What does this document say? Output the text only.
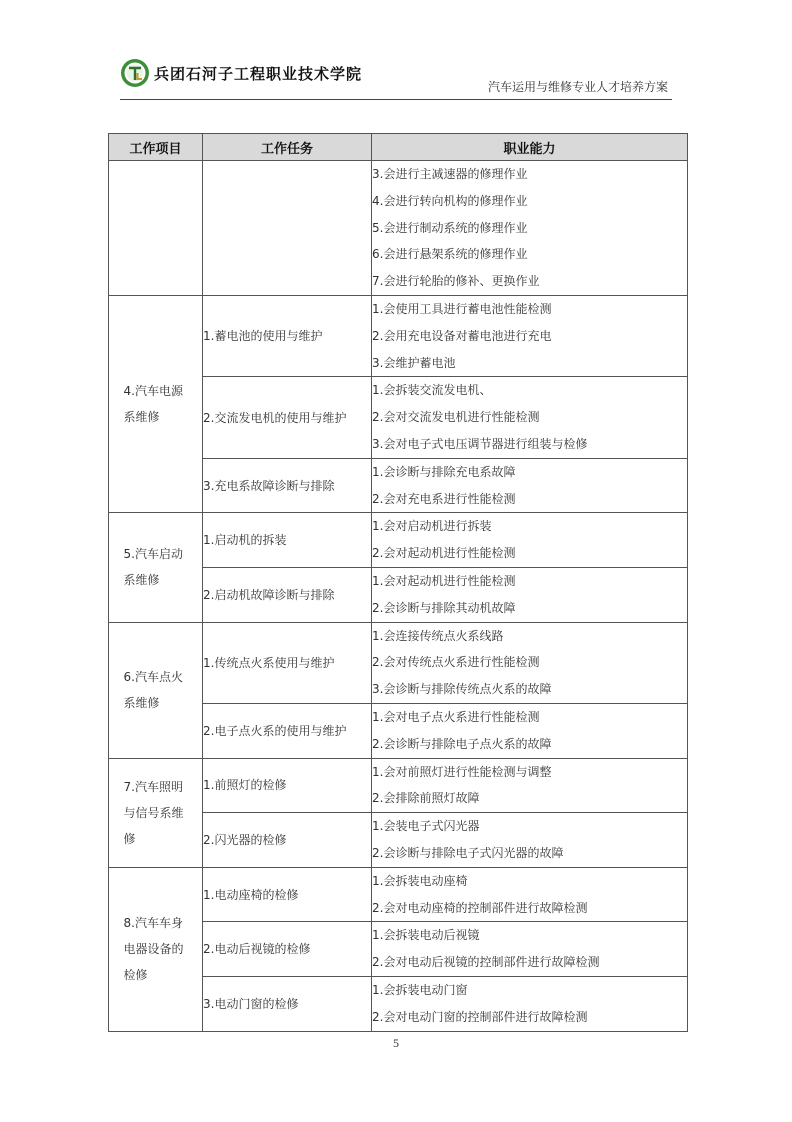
兵团石河子工程职业技术学院
汽车运用与维修专业人才培养方案
工作项目	工作任务	职业能力

		3.会进行主减速器的修理作业
4.会进行转向机构的修理作业
5.会进行制动系统的修理作业
6.会进行悬架系统的修理作业
7.会进行轮胎的修补、更换作业

4.汽车电源系维修	1.蓄电池的使用与维护	1.会使用工具进行蓄电池性能检测
2.会用充电设备对蓄电池进行充电
3.会维护蓄电池

	2.交流发电机的使用与维护	1.会拆装交流发电机、
2.会对交流发电机进行性能检测
3.会对电子式电压调节器进行组装与检修

	3.充电系故障诊断与排除	1.会诊断与排除充电系故障
2.会对充电系进行性能检测

5.汽车启动系维修	1.启动机的拆装	1.会对启动机进行拆装
2.会对起动机进行性能检测

	2.启动机故障诊断与排除	1.会对起动机进行性能检测
2.会诊断与排除其动机故障

6.汽车点火系维修	1.传统点火系使用与维护	1.会连接传统点火系线路
2.会对传统点火系进行性能检测
3.会诊断与排除传统点火系的故障

	2.电子点火系的使用与维护	1.会对电子点火系进行性能检测
2.会诊断与排除电子点火系的故障

7.汽车照明与信号系维修	1.前照灯的检修	1.会对前照灯进行性能检测与调整
2.会排除前照灯故障

	2.闪光器的检修	1.会装电子式闪光器
2.会诊断与排除电子式闪光器的故障

8.汽车车身电器设备的检修	1.电动座椅的检修	1.会拆装电动座椅
2.会对电动座椅的控制部件进行故障检测

	2.电动后视镜的检修	1.会拆装电动后视镜
2.会对电动后视镜的控制部件进行故障检测

	3.电动门窗的检修	1.会拆装电动门窗
2.会对电动门窗的控制部件进行故障检测
5
